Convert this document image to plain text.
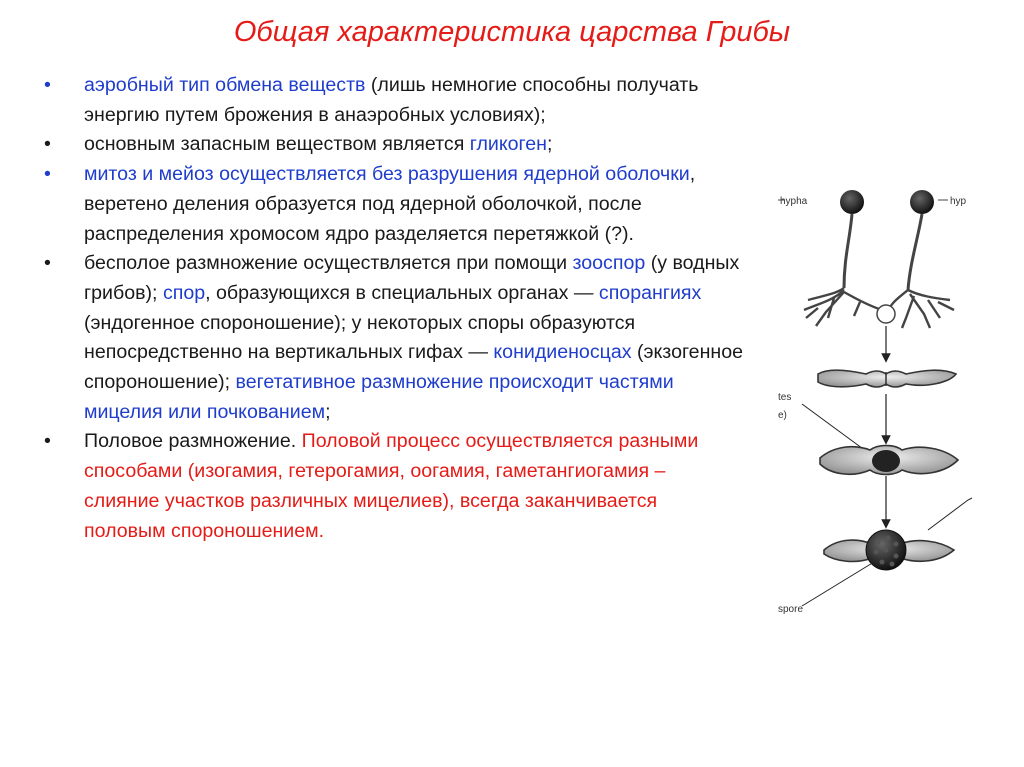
Общая характеристика царства Грибы
•	аэробный тип обмена веществ (лишь немногие способны получать энергию путем брожения в анаэробных условиях);
•	основным запасным веществом является гликоген;
•	митоз и мейоз осуществляется без разрушения ядерной оболочки, веретено деления образуется под ядерной оболочкой, после распределения хромосом ядро разделяется перетяжкой (?).
•	бесполое размножение осуществляется при помощи зооспор (у водных грибов); спор, образующихся в специальных органах — спорангиях (эндогенное спороношение); у некоторых споры образуются непосредственно на вертикальных гифах — конидиеносцах (экзогенное спороношение); вегетативное размножение происходит частями мицелия или почкованием;
•	Половое размножение. Половой процесс осуществляется разными способами (изогамия, гетерогамия, оогамия, гаметангиогамия – слияние участков различных мицелиев), всегда заканчивается половым спороношением.
hypha	hyp
tes
e)
spore
